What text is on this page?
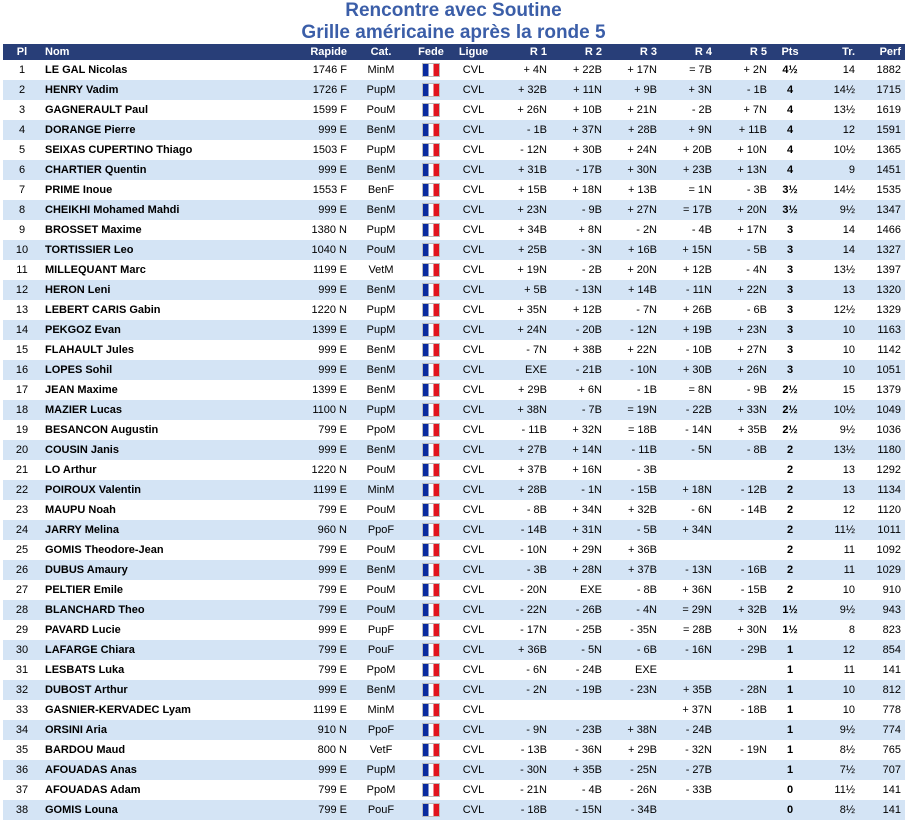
Rencontre avec Soutine
Grille américaine après la ronde 5
Pl	Nom	Rapide	Cat.	Fede	Ligue	R 1	R 2	R 3	R 4	R 5	Pts	Tr.	Perf
1	LE GAL Nicolas	1746 F	MinM		CVL	+ 4N	+ 22B	+ 17N	= 7B	+ 2N	4½	14	1882
2	HENRY Vadim	1726 F	PupM		CVL	+ 32B	+ 11N	+ 9B	+ 3N	- 1B	4	14½	1715
3	GAGNERAULT Paul	1599 F	PouM		CVL	+ 26N	+ 10B	+ 21N	- 2B	+ 7N	4	13½	1619
4	DORANGE Pierre	999 E	BenM		CVL	- 1B	+ 37N	+ 28B	+ 9N	+ 11B	4	12	1591
5	SEIXAS CUPERTINO Thiago	1503 F	PupM		CVL	- 12N	+ 30B	+ 24N	+ 20B	+ 10N	4	10½	1365
6	CHARTIER Quentin	999 E	BenM		CVL	+ 31B	- 17B	+ 30N	+ 23B	+ 13N	4	9	1451
7	PRIME Inoue	1553 F	BenF		CVL	+ 15B	+ 18N	+ 13B	= 1N	- 3B	3½	14½	1535
8	CHEIKHI Mohamed Mahdi	999 E	BenM		CVL	+ 23N	- 9B	+ 27N	= 17B	+ 20N	3½	9½	1347
9	BROSSET Maxime	1380 N	PupM		CVL	+ 34B	+ 8N	- 2N	- 4B	+ 17N	3	14	1466
10	TORTISSIER Leo	1040 N	PouM		CVL	+ 25B	- 3N	+ 16B	+ 15N	- 5B	3	14	1327
11	MILLEQUANT Marc	1199 E	VetM		CVL	+ 19N	- 2B	+ 20N	+ 12B	- 4N	3	13½	1397
12	HERON Leni	999 E	BenM		CVL	+ 5B	- 13N	+ 14B	- 11N	+ 22N	3	13	1320
13	LEBERT CARIS Gabin	1220 N	PupM		CVL	+ 35N	+ 12B	- 7N	+ 26B	- 6B	3	12½	1329
14	PEKGOZ Evan	1399 E	PupM		CVL	+ 24N	- 20B	- 12N	+ 19B	+ 23N	3	10	1163
15	FLAHAULT Jules	999 E	BenM		CVL	- 7N	+ 38B	+ 22N	- 10B	+ 27N	3	10	1142
16	LOPES Sohil	999 E	BenM		CVL	EXE	- 21B	- 10N	+ 30B	+ 26N	3	10	1051
17	JEAN Maxime	1399 E	BenM		CVL	+ 29B	+ 6N	- 1B	= 8N	- 9B	2½	15	1379
18	MAZIER Lucas	1100 N	PupM		CVL	+ 38N	- 7B	= 19N	- 22B	+ 33N	2½	10½	1049
19	BESANCON Augustin	799 E	PpoM		CVL	- 11B	+ 32N	= 18B	- 14N	+ 35B	2½	9½	1036
20	COUSIN Janis	999 E	BenM		CVL	+ 27B	+ 14N	- 11B	- 5N	- 8B	2	13½	1180
21	LO Arthur	1220 N	PouM		CVL	+ 37B	+ 16N	- 3B			2	13	1292
22	POIROUX Valentin	1199 E	MinM		CVL	+ 28B	- 1N	- 15B	+ 18N	- 12B	2	13	1134
23	MAUPU Noah	799 E	PouM		CVL	- 8B	+ 34N	+ 32B	- 6N	- 14B	2	12	1120
24	JARRY Melina	960 N	PpoF		CVL	- 14B	+ 31N	- 5B	+ 34N		2	11½	1011
25	GOMIS Theodore-Jean	799 E	PouM		CVL	- 10N	+ 29N	+ 36B			2	11	1092
26	DUBUS Amaury	999 E	BenM		CVL	- 3B	+ 28N	+ 37B	- 13N	- 16B	2	11	1029
27	PELTIER Emile	799 E	PouM		CVL	- 20N	EXE	- 8B	+ 36N	- 15B	2	10	910
28	BLANCHARD Theo	799 E	PouM		CVL	- 22N	- 26B	- 4N	= 29N	+ 32B	1½	9½	943
29	PAVARD Lucie	999 E	PupF		CVL	- 17N	- 25B	- 35N	= 28B	+ 30N	1½	8	823
30	LAFARGE Chiara	799 E	PouF		CVL	+ 36B	- 5N	- 6B	- 16N	- 29B	1	12	854
31	LESBATS Luka	799 E	PpoM		CVL	- 6N	- 24B	EXE			1	11	141
32	DUBOST Arthur	999 E	BenM		CVL	- 2N	- 19B	- 23N	+ 35B	- 28N	1	10	812
33	GASNIER-KERVADEC Lyam	1199 E	MinM		CVL				+ 37N	- 18B	1	10	778
34	ORSINI Aria	910 N	PpoF		CVL	- 9N	- 23B	+ 38N	- 24B		1	9½	774
35	BARDOU Maud	800 N	VetF		CVL	- 13B	- 36N	+ 29B	- 32N	- 19N	1	8½	765
36	AFOUADAS Anas	999 E	PupM		CVL	- 30N	+ 35B	- 25N	- 27B		1	7½	707
37	AFOUADAS Adam	799 E	PpoM		CVL	- 21N	- 4B	- 26N	- 33B		0	11½	141
38	GOMIS Louna	799 E	PouF		CVL	- 18B	- 15N	- 34B			0	8½	141
